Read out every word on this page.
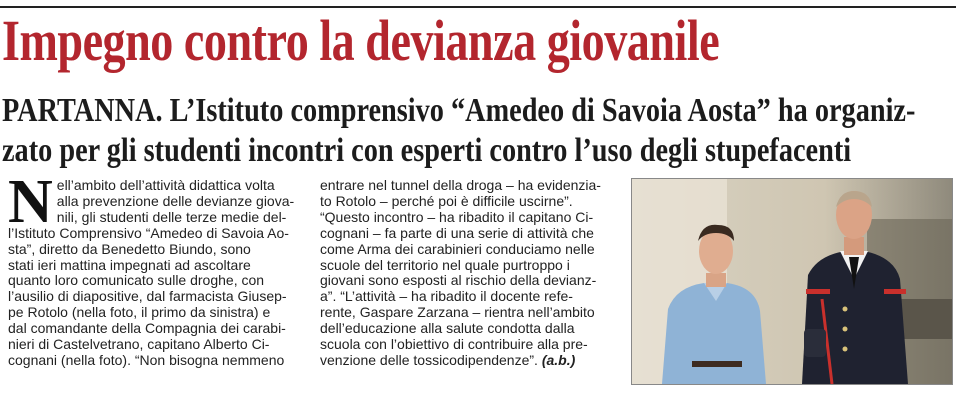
Impegno contro la devianza giovanile
PARTANNA. L’Istituto comprensivo “Amedeo di Savoia Aosta” ha organiz-
zato per gli studenti incontri con esperti contro l’uso degli stupefacenti
N ell’ambito dell’attività didattica volta
alla prevenzione delle devianze giova-
nili, gli studenti delle terze medie del-
l’Istituto Comprensivo “Amedeo di Savoia Ao-
sta”, diretto da Benedetto Biundo, sono
stati ieri mattina impegnati ad ascoltare
quanto loro comunicato sulle droghe, con
l’ausilio di diapositive, dal farmacista Giusep-
pe Rotolo (nella foto, il primo da sinistra) e
dal comandante della Compagnia dei carabi-
nieri di Castelvetrano, capitano Alberto Ci-
cognani (nella foto). “Non bisogna nemmeno
entrare nel tunnel della droga – ha evidenzia-
to Rotolo – perché poi è difficile uscirne”.
“Questo incontro – ha ribadito il capitano Ci-
cognani – fa parte di una serie di attività che
come Arma dei carabinieri conduciamo nelle
scuole del territorio nel quale purtroppo i
giovani sono esposti al rischio della devianz-
a”. “L’attività – ha ribadito il docente refe-
rente, Gaspare Zarzana – rientra nell’ambito
dell’educazione alla salute condotta dalla
scuola con l’obiettivo di contribuire alla pre-
venzione delle tossicodipendenze”. (a.b.)
